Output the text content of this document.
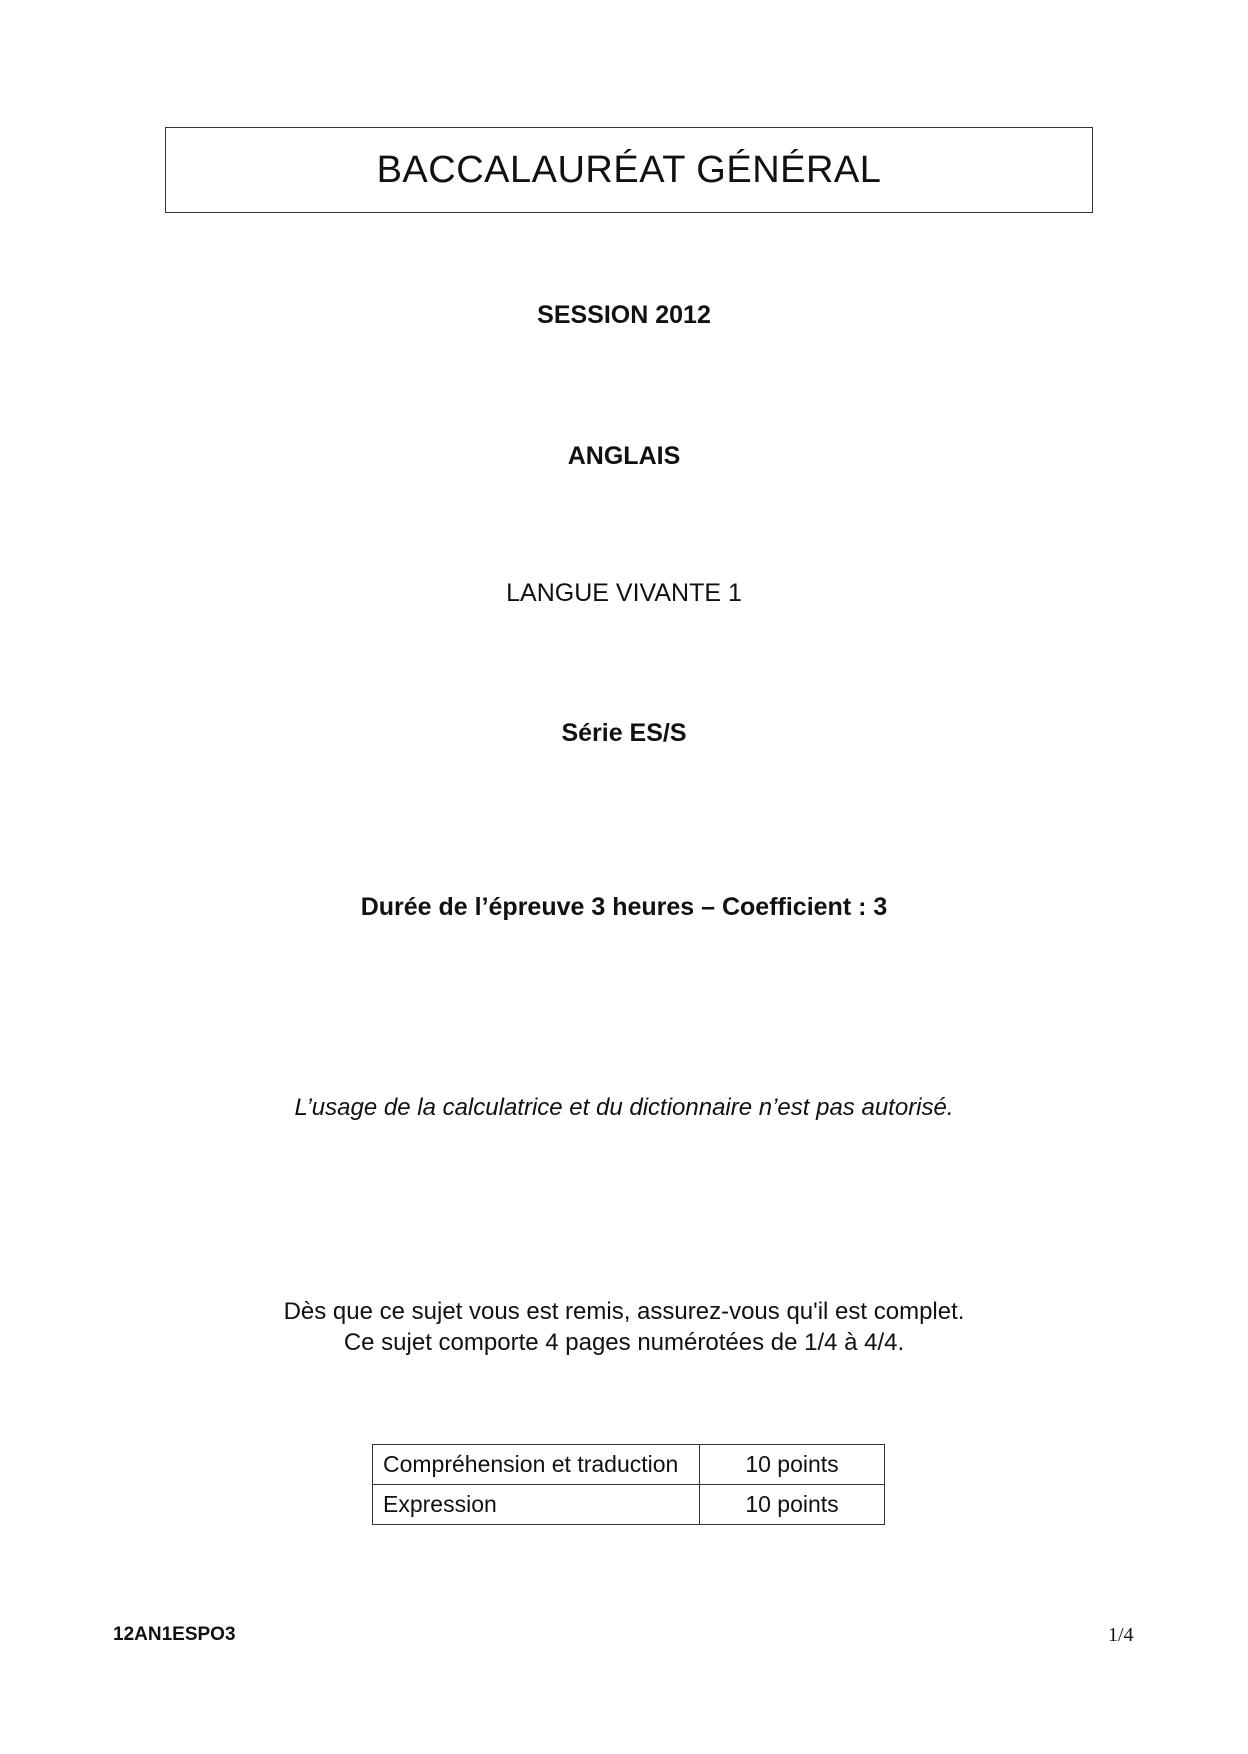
BACCALAURÉAT GÉNÉRAL
SESSION 2012
ANGLAIS
LANGUE VIVANTE 1
Série ES/S
Durée de l’épreuve 3 heures – Coefficient : 3
L’usage de la calculatrice et du dictionnaire n’est pas autorisé.
Dès que ce sujet vous est remis, assurez-vous qu'il est complet.
Ce sujet comporte 4 pages numérotées de 1/4 à 4/4.
Compréhension et traduction	10 points
Expression	10 points
12AN1ESPO3	1/4
